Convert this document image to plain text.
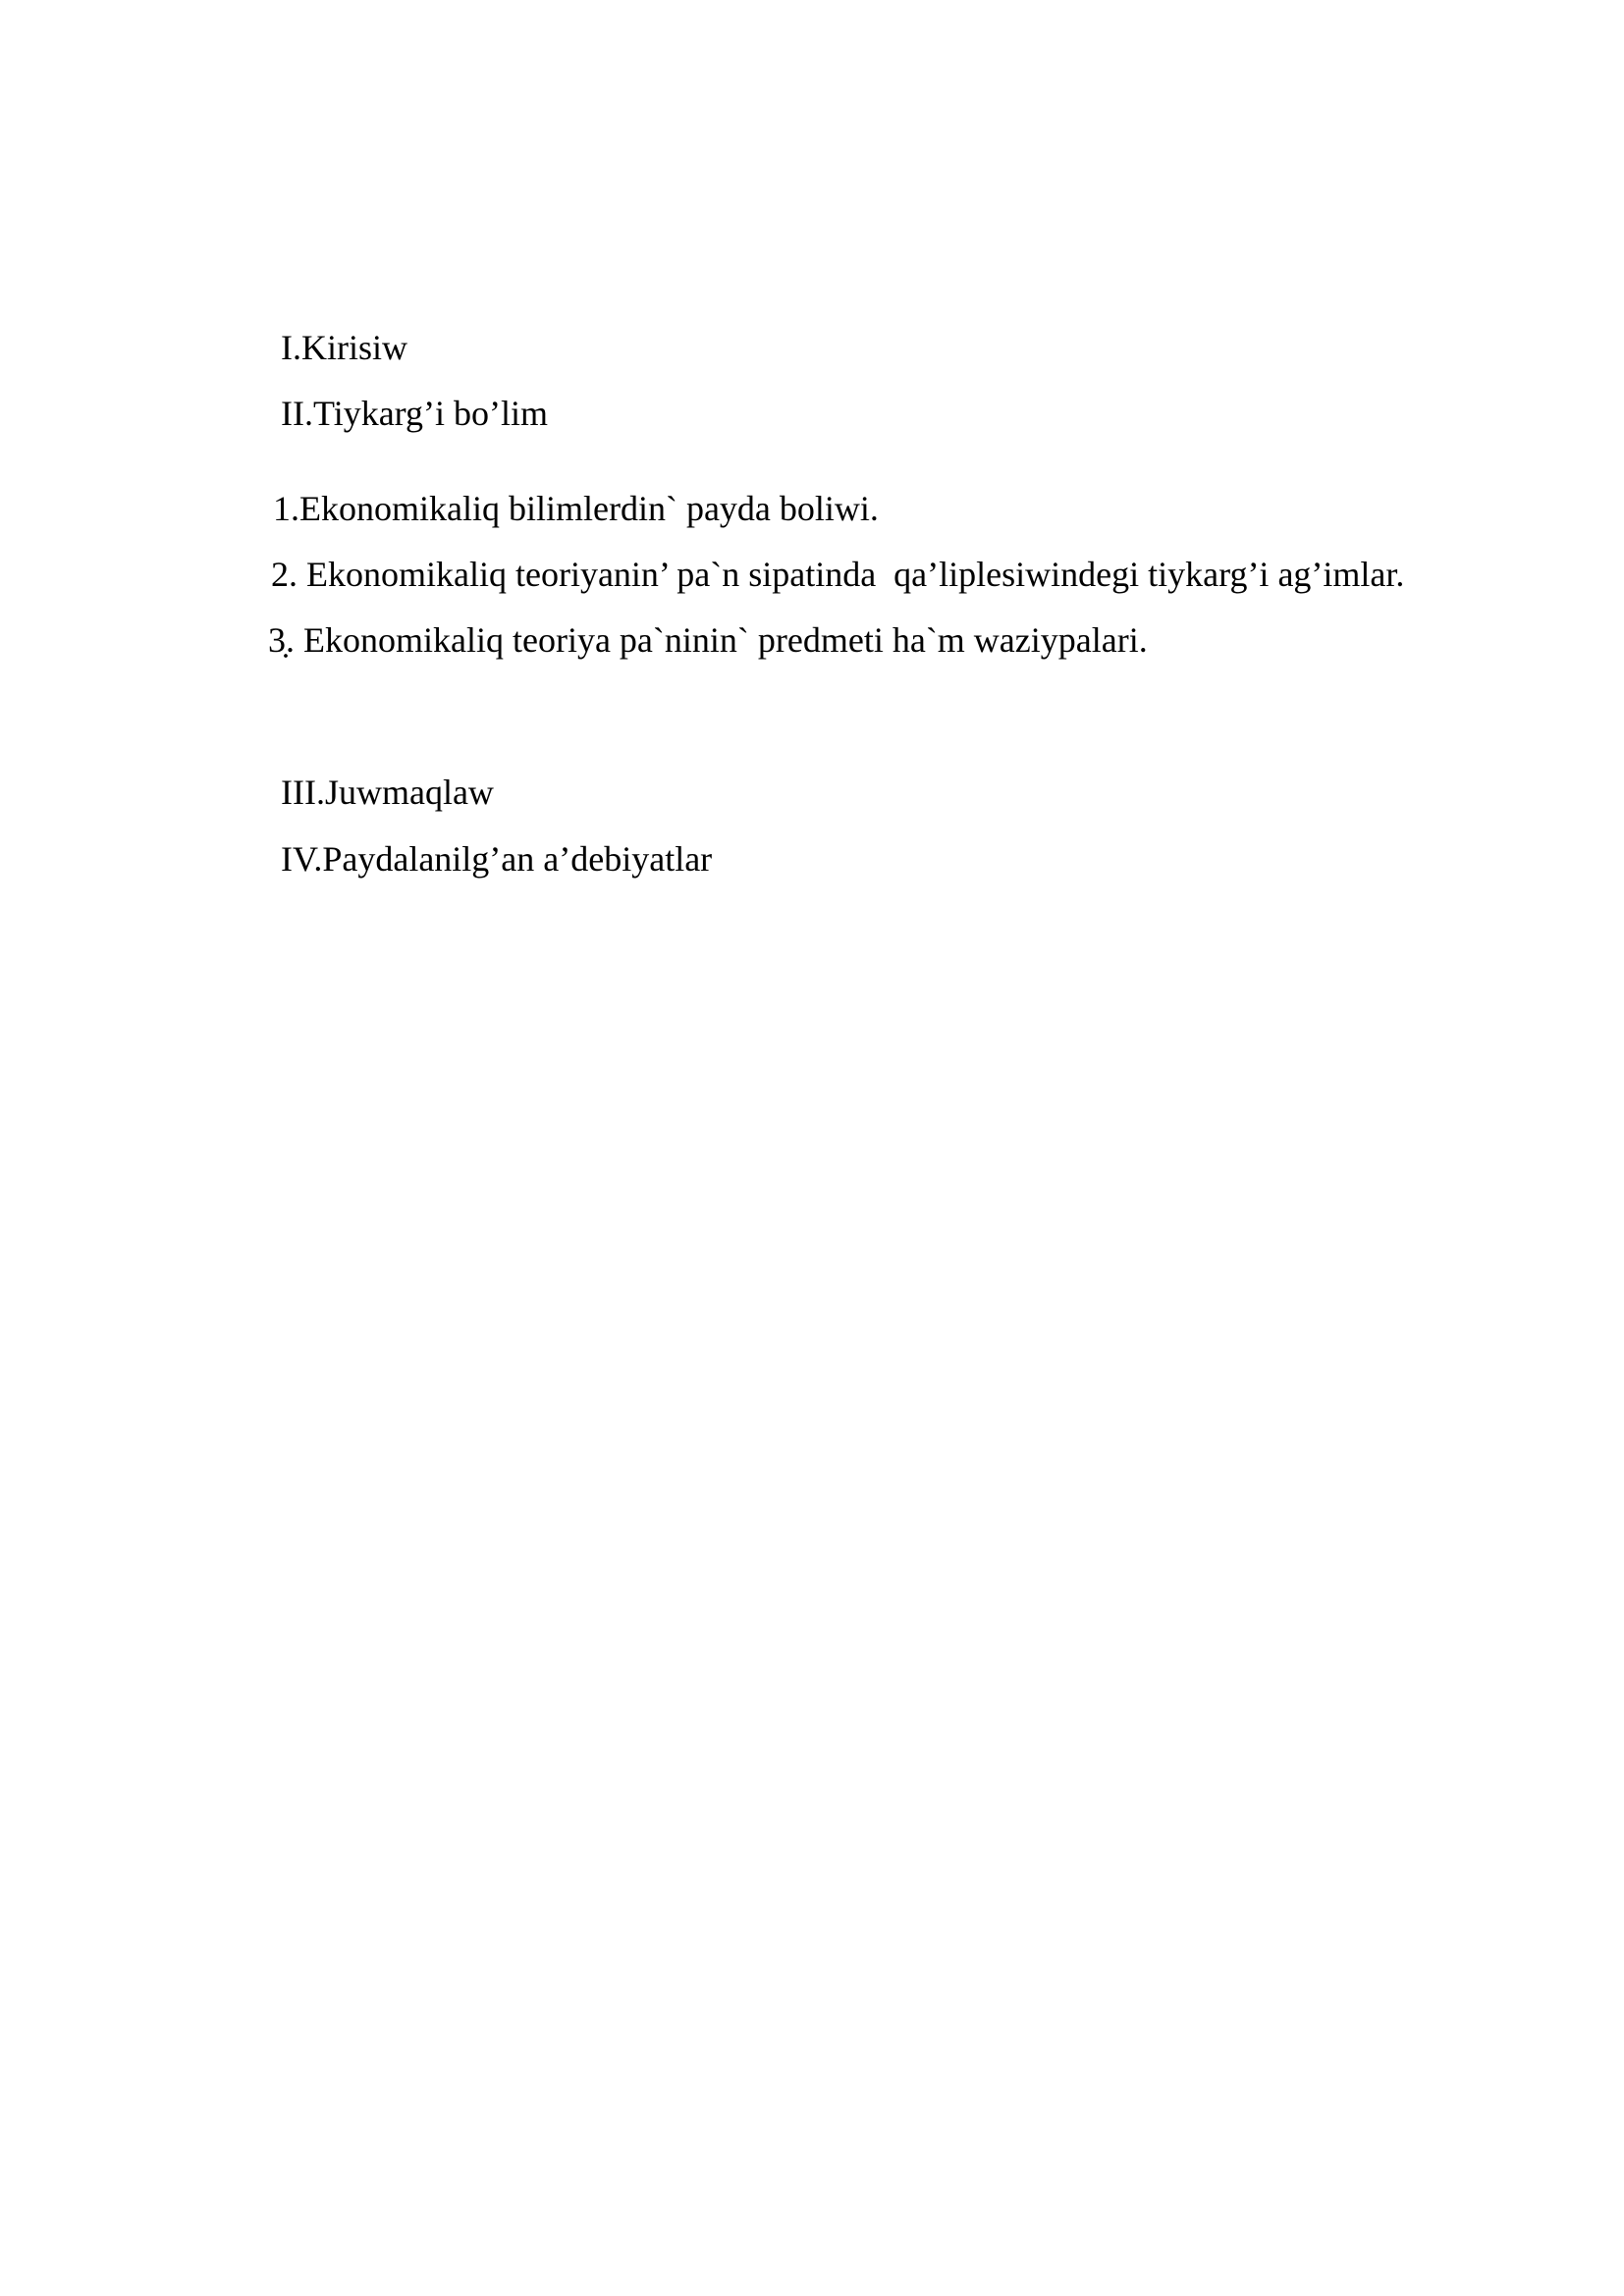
I.Kirisiw
II.Tiykarg’i bo’lim
1.Ekonomikaliq bilimlerdin` payda boliwi.
2. Ekonomikaliq teoriyanin’ pa`n sipatinda  qa’liplesiwindegi tiykarg’i ag’imlar.
3̣. Ekonomikaliq teoriya pa`ninin` predmeti ha`m waziypalari.
III.Juwmaqlaw
IV.Paydalanilg’an a’debiyatlar
